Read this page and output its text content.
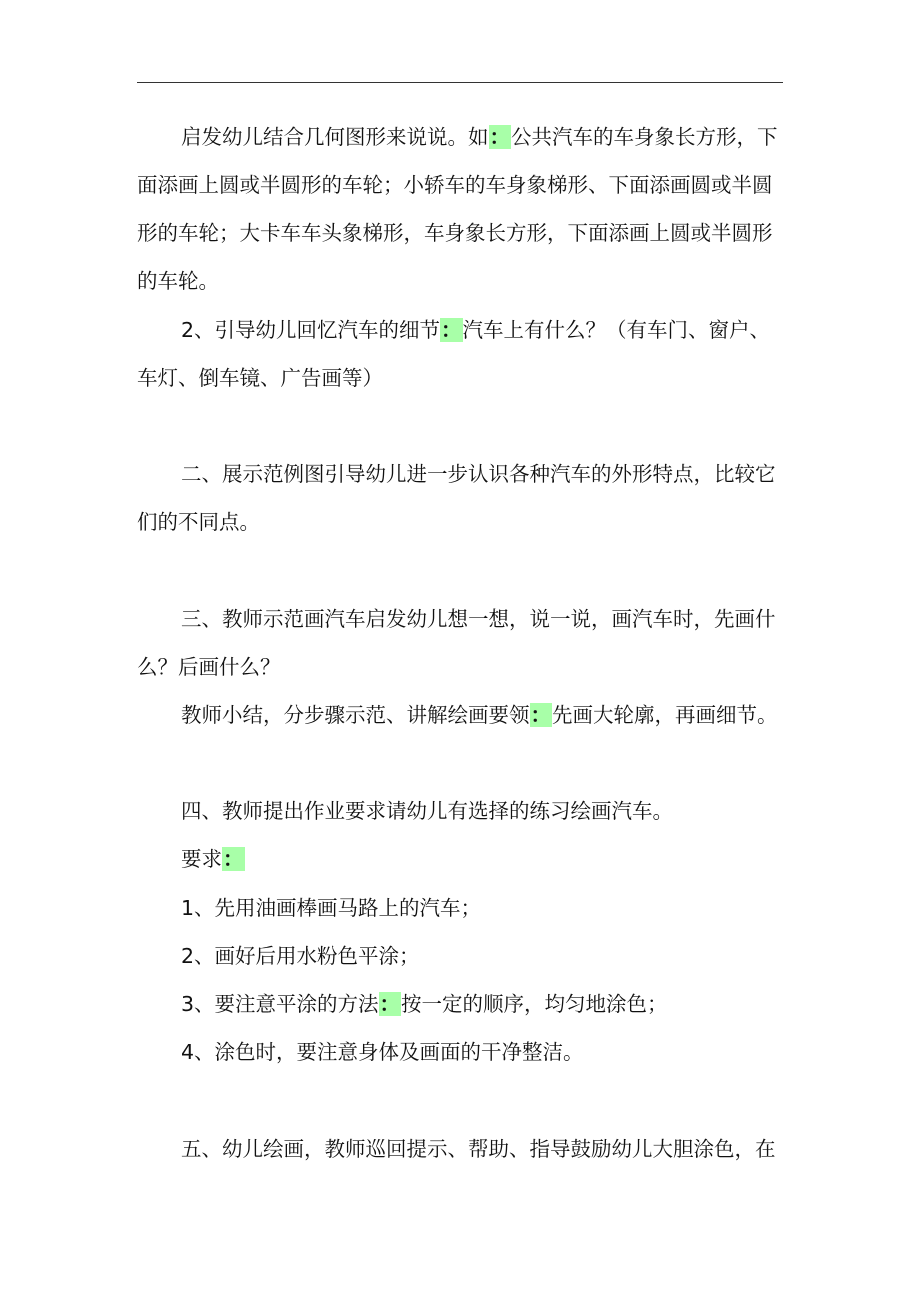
启发幼儿结合几何图形来说说。如：公共汽车的车身象长方形，下
面添画上圆或半圆形的车轮；小轿车的车身象梯形、下面添画圆或半圆
形的车轮；大卡车车头象梯形，车身象长方形，下面添画上圆或半圆形
的车轮。
2、引导幼儿回忆汽车的细节：汽车上有什么？（有车门、窗户、
车灯、倒车镜、广告画等）
二、展示范例图引导幼儿进一步认识各种汽车的外形特点，比较它
们的不同点。
三、教师示范画汽车启发幼儿想一想，说一说，画汽车时，先画什
么？后画什么？
教师小结，分步骤示范、讲解绘画要领：先画大轮廓，再画细节。
四、教师提出作业要求请幼儿有选择的练习绘画汽车。
要求：
1、先用油画棒画马路上的汽车；
2、画好后用水粉色平涂；
3、要注意平涂的方法：按一定的顺序，均匀地涂色；
4、涂色时，要注意身体及画面的干净整洁。
五、幼儿绘画，教师巡回提示、帮助、指导鼓励幼儿大胆涂色，在
